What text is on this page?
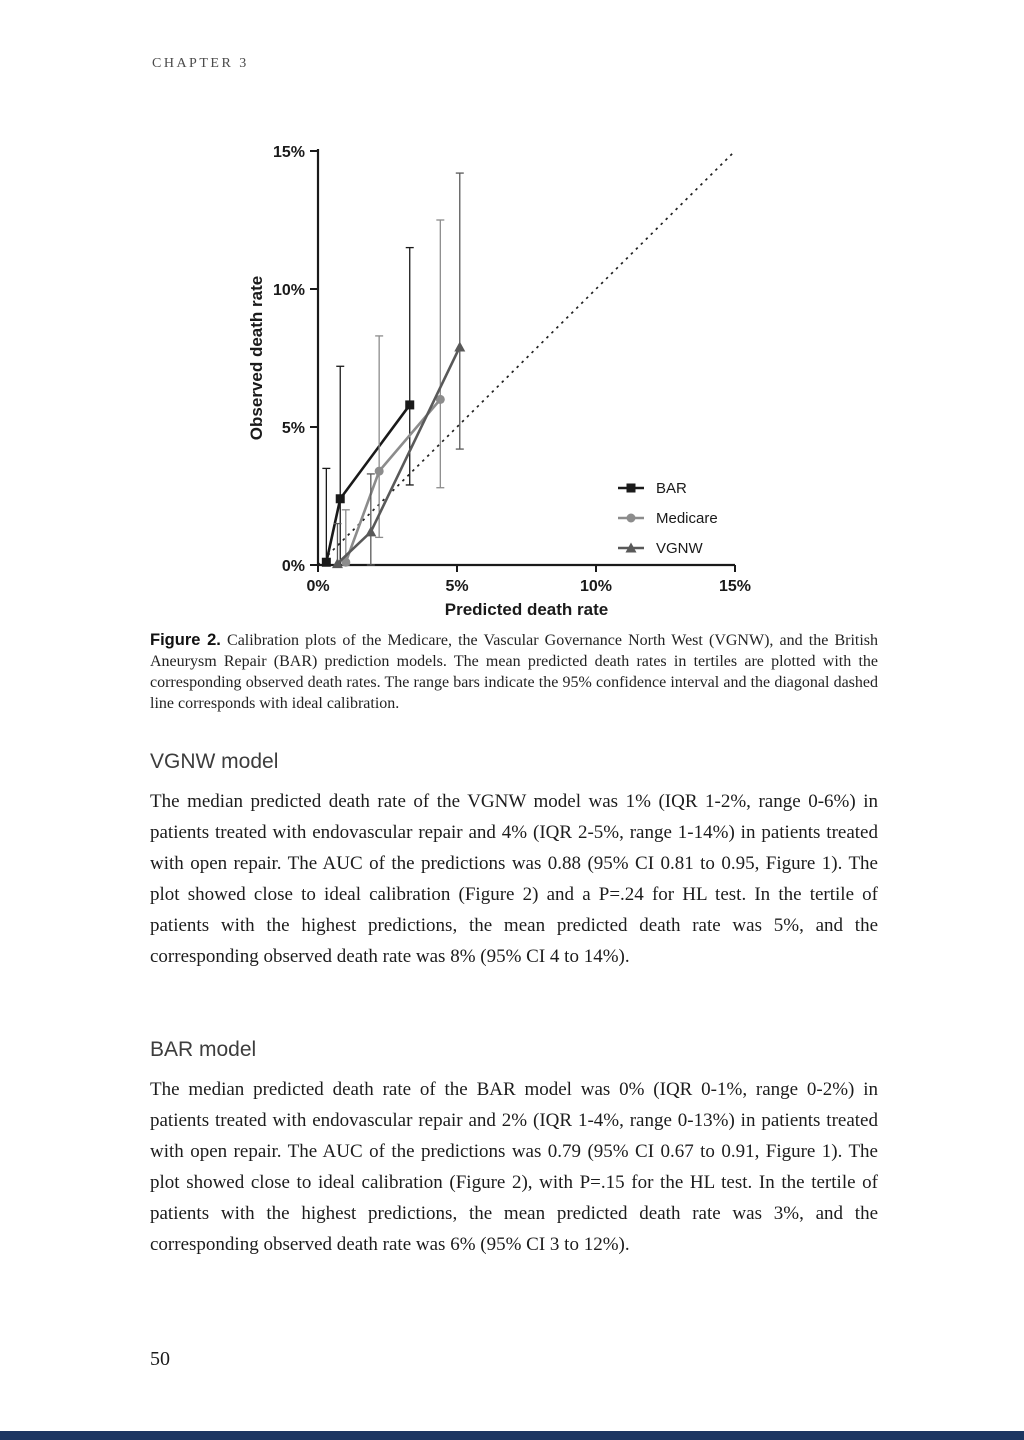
CHAPTER 3
0%	5%	10%	15%
0%
5%
10%
15%
Predicted death rate
Observed death rate
BAR
Medicare
VGNW

Figure 2. Calibration plots of the Medicare, the Vascular Governance North West (VGNW), and the British Aneurysm Repair (BAR) prediction models. The mean predicted death rates in tertiles are plotted with the corresponding observed death rates. The range bars indicate the 95% confidence interval and the diagonal dashed line corresponds with ideal calibration.

VGNW model

The median predicted death rate of the VGNW model was 1% (IQR 1-2%, range 0-6%) in patients treated with endovascular repair and 4% (IQR 2-5%, range 1-14%) in patients treated with open repair. The AUC of the predictions was 0.88 (95% CI 0.81 to 0.95, Figure 1). The plot showed close to ideal calibration (Figure 2) and a P=.24 for HL test. In the tertile of patients with the highest predictions, the mean predicted death rate was 5%, and the corresponding observed death rate was 8% (95% CI 4 to 14%).

BAR model

The median predicted death rate of the BAR model was 0% (IQR 0-1%, range 0-2%) in patients treated with endovascular repair and 2% (IQR 1-4%, range 0-13%) in patients treated with open repair. The AUC of the predictions was 0.79 (95% CI 0.67 to 0.91, Figure 1). The plot showed close to ideal calibration (Figure 2), with P=.15 for the HL test. In the tertile of patients with the highest predictions, the mean predicted death rate was 3%, and the corresponding observed death rate was 6% (95% CI 3 to 12%).

50
